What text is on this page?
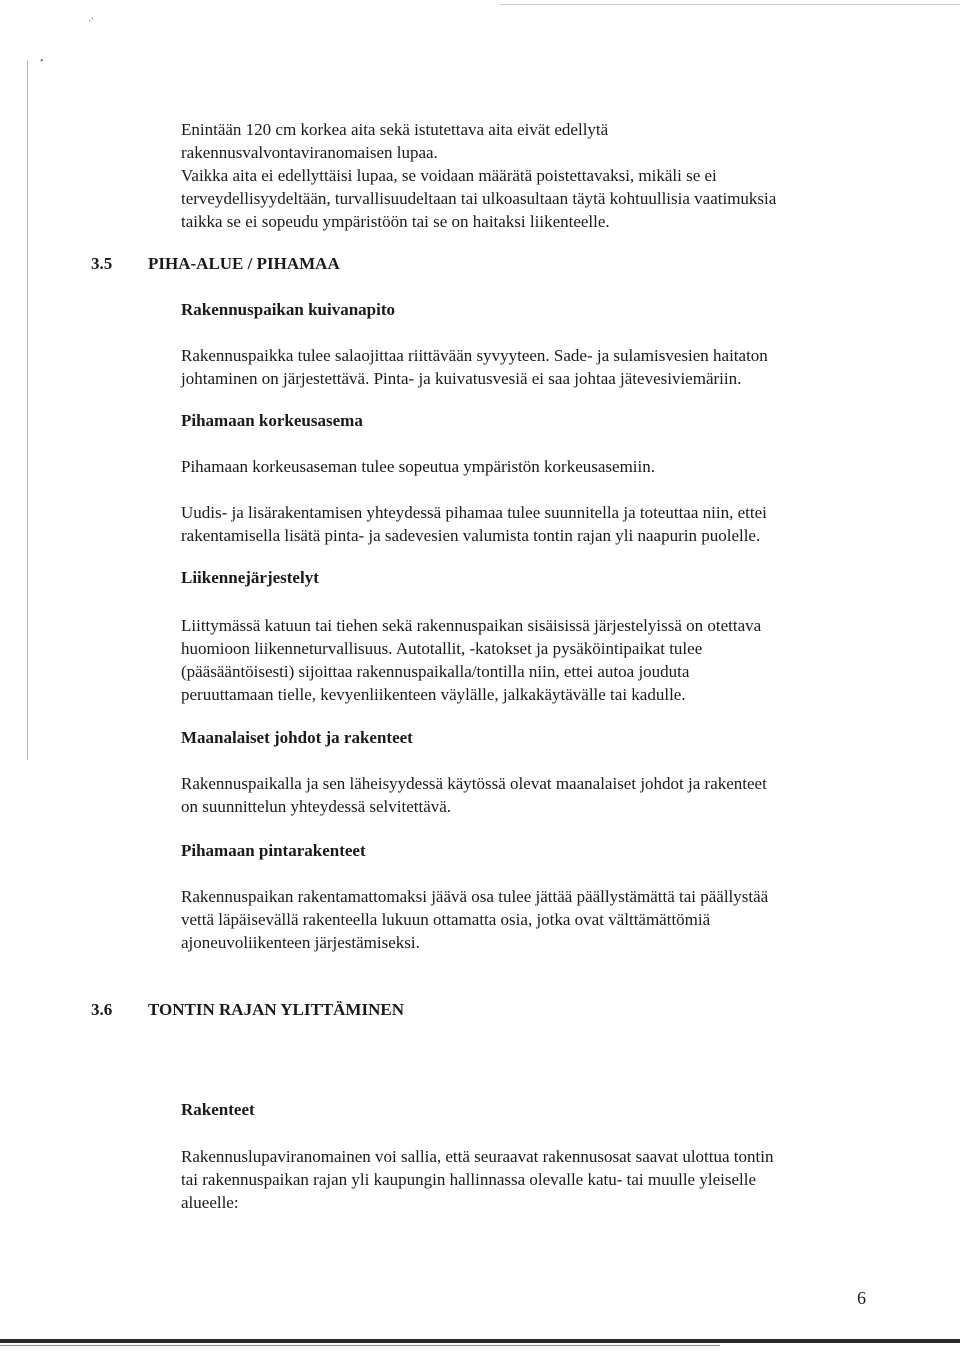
·'
•

Enintään 120 cm korkea aita sekä istutettava aita eivät edellytä

rakennusvalvontaviranomaisen lupaa.

Vaikka aita ei edellyttäisi lupaa, se voidaan määrätä poistettavaksi, mikäli se ei

terveydellisyydeltään, turvallisuudeltaan tai ulkoasultaan täytä kohtuullisia vaatimuksia

taikka se ei sopeudu ympäristöön tai se on haitaksi liikenteelle.

3.5 PIHA-ALUE / PIHAMAA

Rakennuspaikan kuivanapito

Rakennuspaikka tulee salaojittaa riittävään syvyyteen. Sade- ja sulamisvesien haitaton

johtaminen on järjestettävä. Pinta- ja kuivatusvesiä ei saa johtaa jätevesiviemäriin.

Pihamaan korkeusasema

Pihamaan korkeusaseman tulee sopeutua ympäristön korkeusasemiin.

Uudis- ja lisärakentamisen yhteydessä pihamaa tulee suunnitella ja toteuttaa niin, ettei

rakentamisella lisätä pinta- ja sadevesien valumista tontin rajan yli naapurin puolelle.

Liikennejärjestelyt

Liittymässä katuun tai tiehen sekä rakennuspaikan sisäisissä järjestelyissä on otettava

huomioon liikenneturvallisuus. Autotallit, -katokset ja pysäköintipaikat tulee

(pääsääntöisesti) sijoittaa rakennuspaikalla/tontilla niin, ettei autoa jouduta

peruuttamaan tielle, kevyenliikenteen väylälle, jalkakäytävälle tai kadulle.

Maanalaiset johdot ja rakenteet

Rakennuspaikalla ja sen läheisyydessä käytössä olevat maanalaiset johdot ja rakenteet

on suunnittelun yhteydessä selvitettävä.

Pihamaan pintarakenteet

Rakennuspaikan rakentamattomaksi jäävä osa tulee jättää päällystämättä tai päällystää

vettä läpäisevällä rakenteella lukuun ottamatta osia, jotka ovat välttämättömiä

ajoneuvoliikenteen järjestämiseksi.

3.6 TONTIN RAJAN YLITTÄMINEN

Rakenteet

Rakennuslupaviranomainen voi sallia, että seuraavat rakennusosat saavat ulottua tontin

tai rakennuspaikan rajan yli kaupungin hallinnassa olevalle katu- tai muulle yleiselle

alueelle:

6
